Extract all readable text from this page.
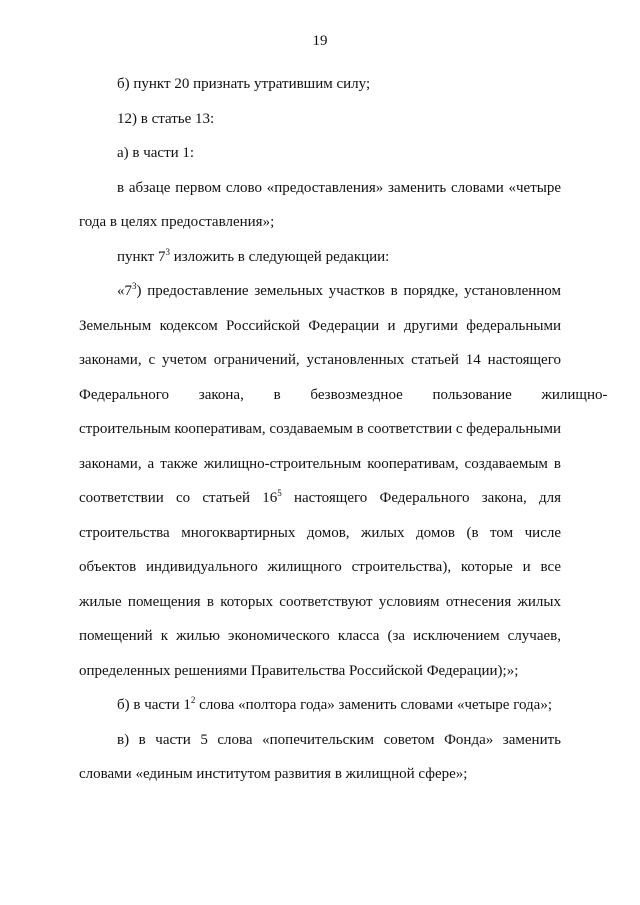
19
б) пункт 20 признать утратившим силу;
12) в статье 13:
а) в части 1:
в абзаце первом слово «предоставления» заменить словами «четыре
года в целях предоставления»;
пункт $7^3$ изложить в следующей редакции:
«$7^3$) предоставление земельных участков в порядке, установленном
Земельным кодексом Российской Федерации и другими федеральными
законами, с учетом ограничений, установленных статьей 14 настоящего
Федерального закона, в безвозмездное пользование жилищно-
строительным кооперативам, создаваемым в соответствии с федеральными
законами, а также жилищно-строительным кооперативам, создаваемым в
соответствии со статьей $16^5$ настоящего Федерального закона, для
строительства многоквартирных домов, жилых домов (в том числе
объектов индивидуального жилищного строительства), которые и все
жилые помещения в которых соответствуют условиям отнесения жилых
помещений к жилью экономического класса (за исключением случаев,
определенных решениями Правительства Российской Федерации);»;
б) в части $1^2$ слова «полтора года» заменить словами «четыре года»;
в) в части 5 слова «попечительским советом Фонда» заменить
словами «единым институтом развития в жилищной сфере»;
